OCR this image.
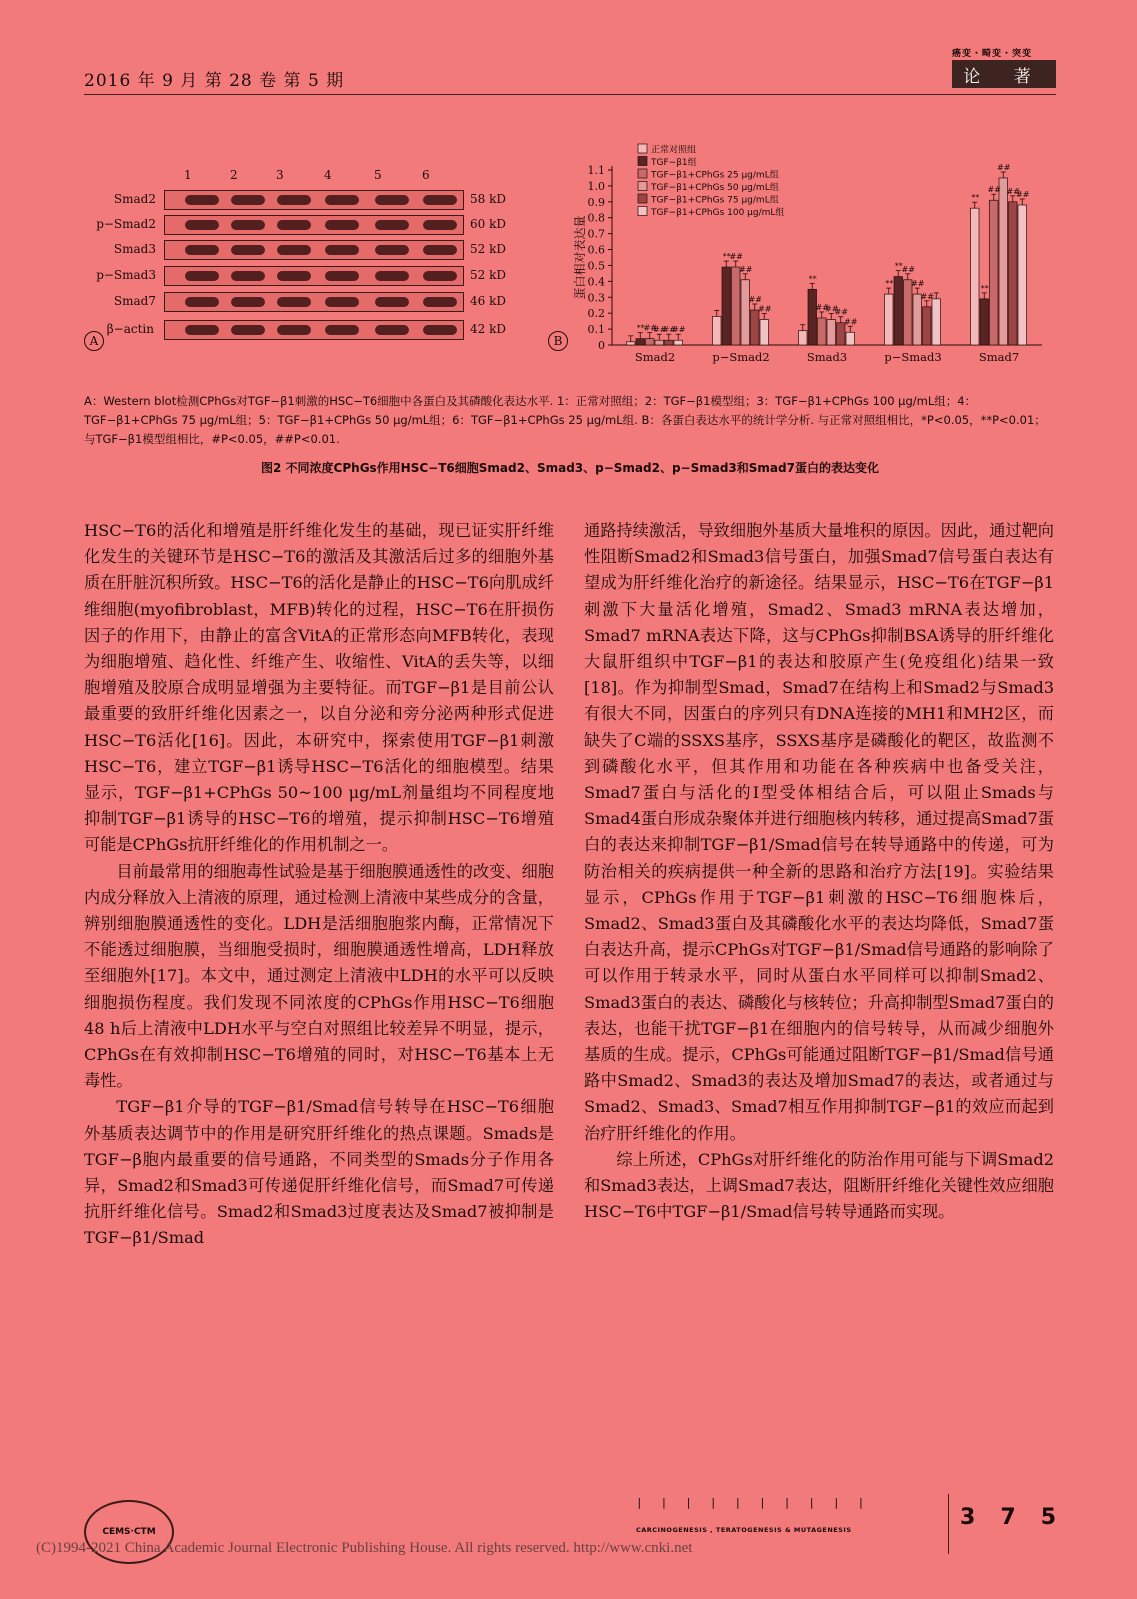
2016 年 9 月 第 28 卷 第 5 期
癌变・畸变・突变
论 著
1	2	3	4	5	6
Smad2	58 kD
p−Smad2	60 kD
Smad3	52 kD
p−Smad3	52 kD
Smad7	46 kD
β−actin	42 kD
A	0
0.1
0.2
0.3
0.4
0.5
0.6
0.7
0.8
0.9
1.0
1.1
蛋白相对表达量
Smad2	p−Smad2	Smad3	p−Smad3	Smad7
**
##
##
##
##
**
##
##
##
##
**
##
##
##
##
**
**
##
##
##
**
**
##
##
##
##
正常对照组
TGF−β1组
TGF−β1+CPhGs 25 μg/mL组
TGF−β1+CPhGs 50 μg/mL组
TGF−β1+CPhGs 75 μg/mL组
TGF−β1+CPhGs 100 μg/mL组
B
A：Western blot检测CPhGs对TGF−β1刺激的HSC−T6细胞中各蛋白及其磷酸化表达水平. 1：正常对照组；2：TGF−β1模型组；3：TGF−β1+CPhGs 100 μg/mL组；4：TGF−β1+CPhGs 75 μg/mL组；5：TGF−β1+CPhGs 50 μg/mL组；6：TGF−β1+CPhGs 25 μg/mL组. B：各蛋白表达水平的统计学分析. 与正常对照组相比，*P<0.05，**P<0.01；与TGF−β1模型组相比，#P<0.05，##P<0.01.
图2 不同浓度CPhGs作用HSC−T6细胞Smad2、Smad3、p−Smad2、p−Smad3和Smad7蛋白的表达变化

HSC−T6的活化和增殖是肝纤维化发生的基础，现已证实肝纤维化发生的关键环节是HSC−T6的激活及其激活后过多的细胞外基质在肝脏沉积所致。HSC−T6的活化是静止的HSC−T6向肌成纤维细胞(myofibroblast，MFB)转化的过程，HSC−T6在肝损伤因子的作用下，由静止的富含VitA的正常形态向MFB转化，表现为细胞增殖、趋化性、纤维产生、收缩性、VitA的丢失等，以细胞增殖及胶原合成明显增强为主要特征。而TGF−β1是目前公认最重要的致肝纤维化因素之一，以自分泌和旁分泌两种形式促进HSC−T6活化[16]。因此，本研究中，探索使用TGF−β1刺激HSC−T6，建立TGF−β1诱导HSC−T6活化的细胞模型。结果显示，TGF−β1+CPhGs 50~100 μg/mL剂量组均不同程度地抑制TGF−β1诱导的HSC−T6的增殖，提示抑制HSC−T6增殖可能是CPhGs抗肝纤维化的作用机制之一。

目前最常用的细胞毒性试验是基于细胞膜通透性的改变、细胞内成分释放入上清液的原理，通过检测上清液中某些成分的含量，辨别细胞膜通透性的变化。LDH是活细胞胞浆内酶，正常情况下不能透过细胞膜，当细胞受损时，细胞膜通透性增高，LDH释放至细胞外[17]。本文中，通过测定上清液中LDH的水平可以反映细胞损伤程度。我们发现不同浓度的CPhGs作用HSC−T6细胞48 h后上清液中LDH水平与空白对照组比较差异不明显，提示，CPhGs在有效抑制HSC−T6增殖的同时，对HSC−T6基本上无毒性。

TGF−β1介导的TGF−β1/Smad信号转导在HSC−T6细胞外基质表达调节中的作用是研究肝纤维化的热点课题。Smads是TGF−β胞内最重要的信号通路，不同类型的Smads分子作用各异，Smad2和Smad3可传递促肝纤维化信号，而Smad7可传递抗肝纤维化信号。Smad2和Smad3过度表达及Smad7被抑制是TGF−β1/Smad

通路持续激活，导致细胞外基质大量堆积的原因。因此，通过靶向性阻断Smad2和Smad3信号蛋白，加强Smad7信号蛋白表达有望成为肝纤维化治疗的新途径。结果显示，HSC−T6在TGF−β1刺激下大量活化增殖，Smad2、Smad3 mRNA表达增加，Smad7 mRNA表达下降，这与CPhGs抑制BSA诱导的肝纤维化大鼠肝组织中TGF−β1的表达和胶原产生(免疫组化)结果一致[18]。作为抑制型Smad，Smad7在结构上和Smad2与Smad3有很大不同，因蛋白的序列只有DNA连接的MH1和MH2区，而缺失了C端的SSXS基序，SSXS基序是磷酸化的靶区，故监测不到磷酸化水平，但其作用和功能在各种疾病中也备受关注，Smad7蛋白与活化的I型受体相结合后，可以阻止Smads与Smad4蛋白形成杂聚体并进行细胞核内转移，通过提高Smad7蛋白的表达来抑制TGF−β1/Smad信号在转导通路中的传递，可为防治相关的疾病提供一种全新的思路和治疗方法[19]。实验结果显示，CPhGs作用于TGF−β1刺激的HSC−T6细胞株后，Smad2、Smad3蛋白及其磷酸化水平的表达均降低，Smad7蛋白表达升高，提示CPhGs对TGF−β1/Smad信号通路的影响除了可以作用于转录水平，同时从蛋白水平同样可以抑制Smad2、Smad3蛋白的表达、磷酸化与核转位；升高抑制型Smad7蛋白的表达，也能干扰TGF−β1在细胞内的信号转导，从而减少细胞外基质的生成。提示，CPhGs可能通过阻断TGF−β1/Smad信号通路中Smad2、Smad3的表达及增加Smad7的表达，或者通过与Smad2、Smad3、Smad7相互作用抑制TGF−β1的效应而起到治疗肝纤维化的作用。

综上所述，CPhGs对肝纤维化的防治作用可能与下调Smad2和Smad3表达，上调Smad7表达，阻断肝纤维化关键性效应细胞HSC−T6中TGF−β1/Smad信号转导通路而实现。

CEMS·CTM
||||||||||
CARCINOGENESIS , TERATOGENESIS & MUTAGENESIS	3 7 5
(C)1994-2021 China Academic Journal Electronic Publishing House. All rights reserved. http://www.cnki.net
